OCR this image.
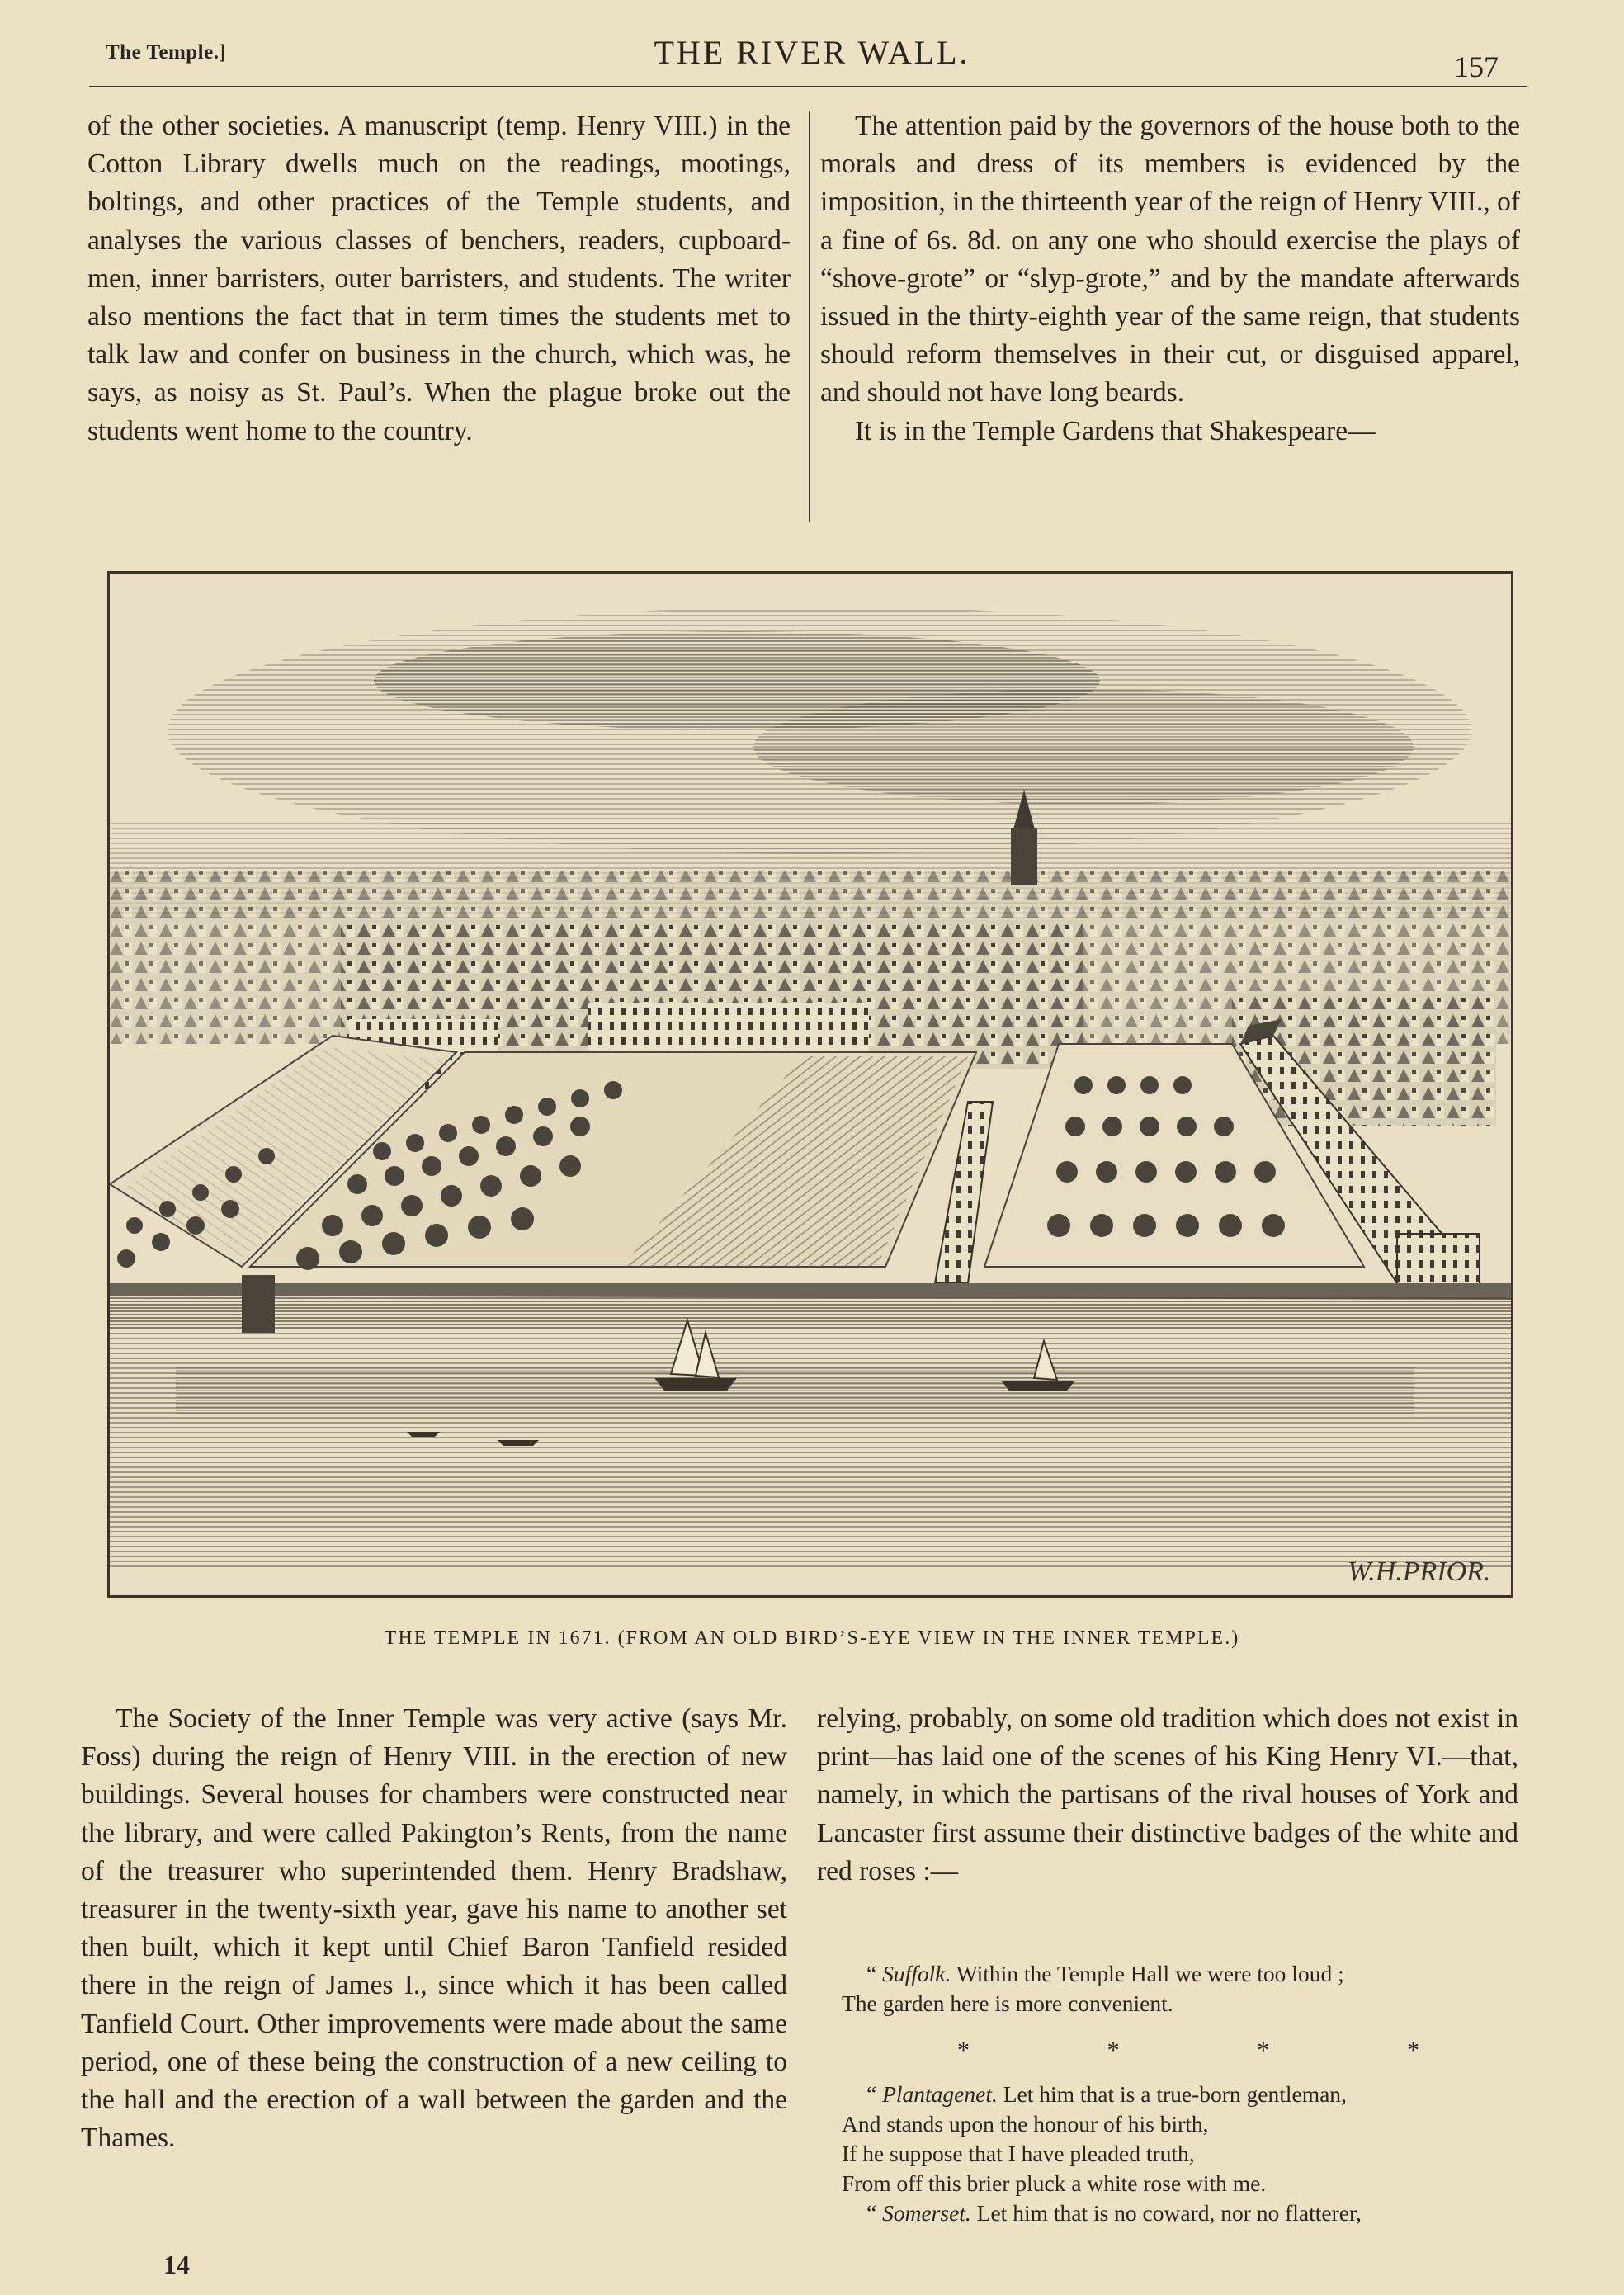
The Temple.]	THE RIVER WALL.	157

of the other societies. A manuscript (temp. Henry VIII.) in the Cotton Library dwells much on the readings, mootings, boltings, and other practices of the Temple students, and analyses the various classes of benchers, readers, cupboard-men, inner barristers, outer barristers, and students. The writer also mentions the fact that in term times the students met to talk law and confer on business in the church, which was, he says, as noisy as St. Paul’s. When the plague broke out the students went home to the country.

The attention paid by the governors of the house both to the morals and dress of its members is evidenced by the imposition, in the thirteenth year of the reign of Henry VIII., of a fine of 6s. 8d. on any one who should exercise the plays of “shove-grote” or “slyp-grote,” and by the mandate afterwards issued in the thirty-eighth year of the same reign, that students should reform themselves in their cut, or disguised apparel, and should not have long beards.

It is in the Temple Gardens that Shakespeare—

W.H.PRIOR.
THE TEMPLE IN 1671. (FROM AN OLD BIRD’S-EYE VIEW IN THE INNER TEMPLE.)

The Society of the Inner Temple was very active (says Mr. Foss) during the reign of Henry VIII. in the erection of new buildings. Several houses for chambers were constructed near the library, and were called Pakington’s Rents, from the name of the treasurer who superintended them. Henry Bradshaw, treasurer in the twenty-sixth year, gave his name to another set then built, which it kept until Chief Baron Tanfield resided there in the reign of James I., since which it has been called Tanfield Court. Other improvements were made about the same period, one of these being the construction of a new ceiling to the hall and the erection of a wall between the garden and the Thames.

relying, probably, on some old tradition which does not exist in print—has laid one of the scenes of his King Henry VI.—that, namely, in which the partisans of the rival houses of York and Lancaster first assume their distinctive badges of the white and red roses :—

“ Suffolk. Within the Temple Hall we were too loud ;

The garden here is more convenient.

*	*	*	*

“ Plantagenet. Let him that is a true-born gentleman,

And stands upon the honour of his birth,

If he suppose that I have pleaded truth,

From off this brier pluck a white rose with me.

“ Somerset. Let him that is no coward, nor no flatterer,

14
